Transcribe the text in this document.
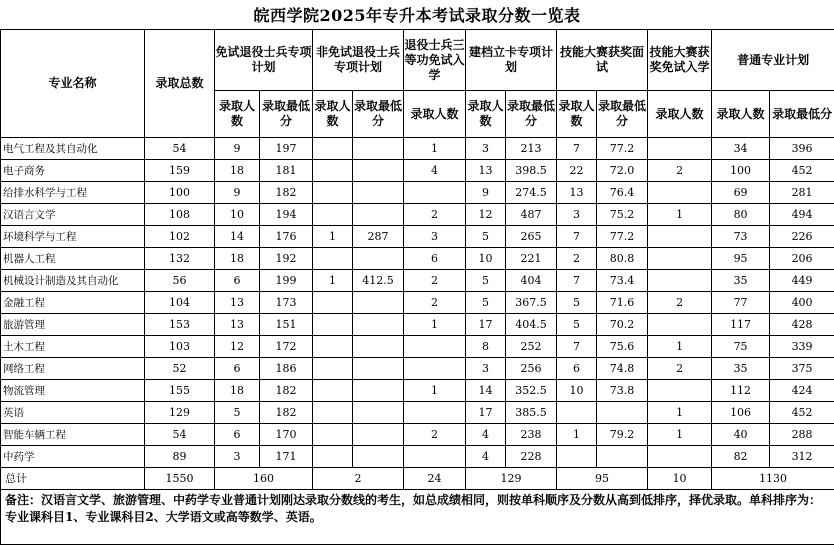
皖西学院2025年专升本考试录取分数一览表
专业名称	录取总数	免试退役士兵专项计划		非免试退役士兵专项计划		退役士兵三等功免试入学	建档立卡专项计划		技能大赛获奖面试		技能大赛获奖免试入学	普通专业计划	
		录取人数	录取最低分	录取人数	录取最低分	录取人数	录取人数	录取最低分	录取人数	录取最低分	录取人数	录取人数	录取最低分
电气工程及其自动化	54	9	197			1	3	213	7	77.2		34	396
电子商务	159	18	181			4	13	398.5	22	72.0	2	100	452
给排水科学与工程	100	9	182				9	274.5	13	76.4		69	281
汉语言文学	108	10	194			2	12	487	3	75.2	1	80	494
环境科学与工程	102	14	176	1	287	3	5	265	7	77.2		73	226
机器人工程	132	18	192			6	10	221	2	80.8		95	206
机械设计制造及其自动化	56	6	199	1	412.5	2	5	404	7	73.4		35	449
金融工程	104	13	173			2	5	367.5	5	71.6	2	77	400
旅游管理	153	13	151			1	17	404.5	5	70.2		117	428
土木工程	103	12	172				8	252	7	75.6	1	75	339
网络工程	52	6	186				3	256	6	74.8	2	35	375
物流管理	155	18	182			1	14	352.5	10	73.8		112	424
英语	129	5	182				17	385.5			1	106	452
智能车辆工程	54	6	170			2	4	238	1	79.2	1	40	288
中药学	89	3	171				4	228				82	312
总计	1550	160		2		24	129		95		10	1130	
备注：汉语言文学、旅游管理、中药学专业普通计划刚达录取分数线的考生，如总成绩相同，则按单科顺序及分数从高到低排序，择优录取。单科排序为：专业课科目1、专业课科目2、大学语文或高等数学、英语。													
